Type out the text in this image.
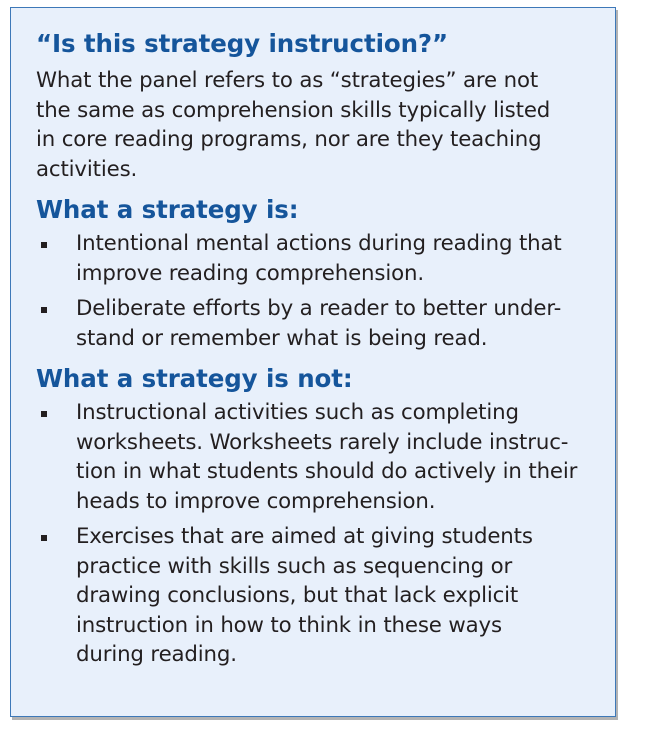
“Is this strategy instruction?”

What the panel refers to as “strategies” are not
the same as comprehension skills typically listed
in core reading programs, nor are they teaching
activities.

What a strategy is:
Intentional mental actions during reading that
improve reading comprehension.
Deliberate efforts by a reader to better under-
stand or remember what is being read.
What a strategy is not:
Instructional activities such as completing
worksheets. Worksheets rarely include instruc-
tion in what students should do actively in their
heads to improve comprehension.
Exercises that are aimed at giving students
practice with skills such as sequencing or
drawing conclusions, but that lack explicit
instruction in how to think in these ways
during reading.
